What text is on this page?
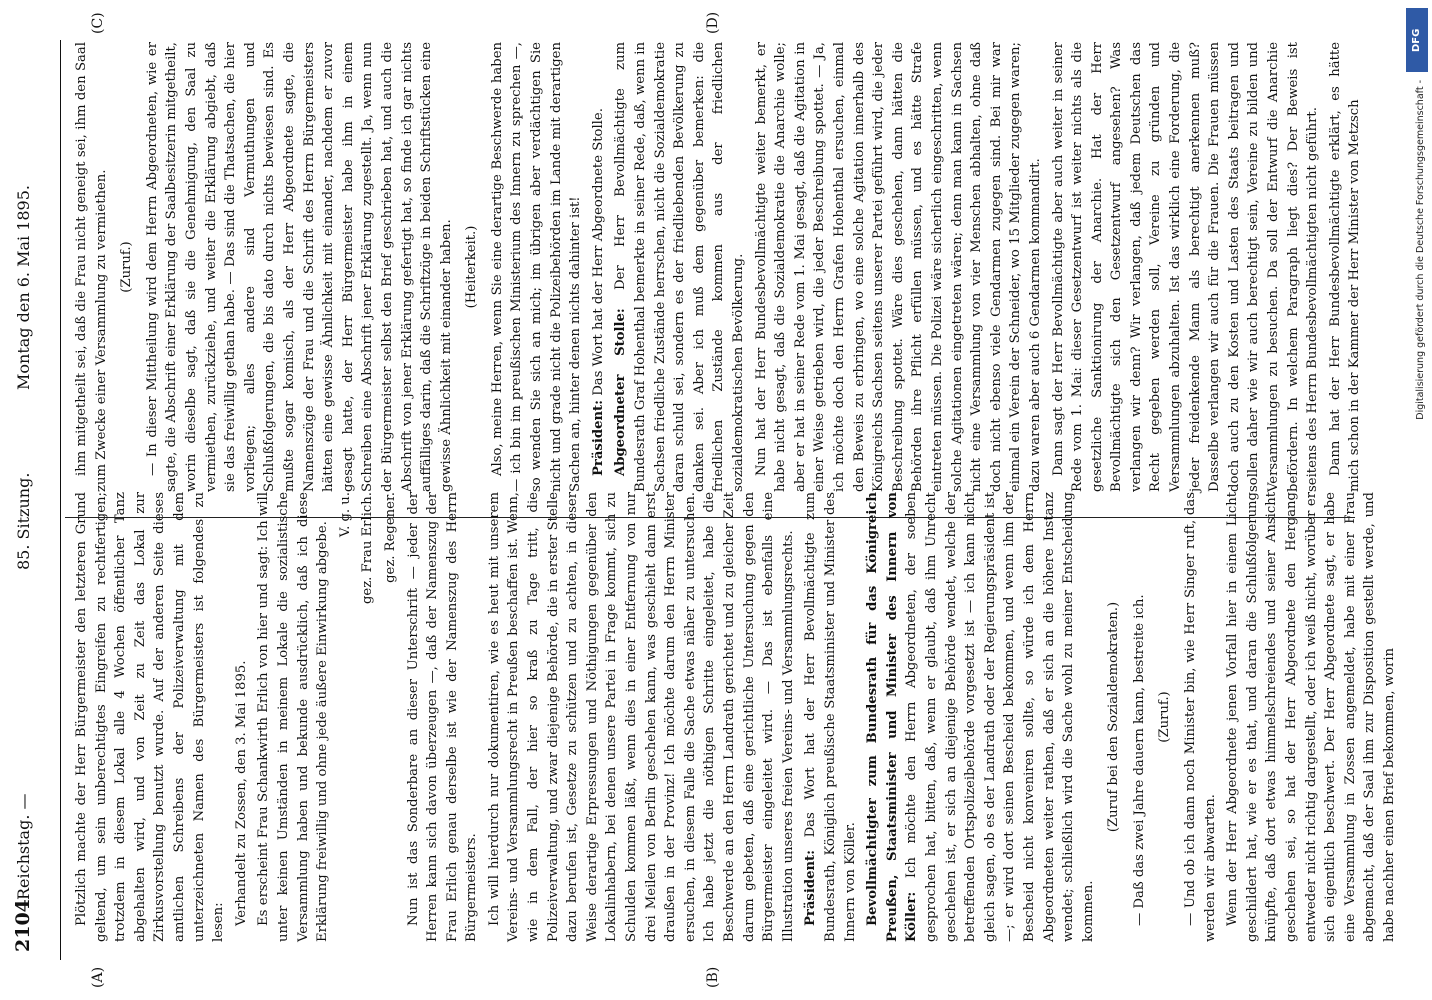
2104
Reichstag. —
85. Sitzung.
Montag den 6. Mai 1895.
(A)	(B)
(C)	(D)

Plötzlich machte der Herr Bürgermeister den letzteren Grund geltend, um sein unberechtigtes Eingreifen zu rechtfertigen; trotzdem in diesem Lokal alle 4 Wochen öffentlicher Tanz abgehalten wird, und von Zeit zu Zeit das Lokal zur Zirkusvorstellung benutzt wurde. Auf der anderen Seite dieses amtlichen Schreibens der Polizeiverwaltung mit dem unterzeichneten Namen des Bürgermeisters ist folgendes zu lesen: Verhandelt zu Zossen, den 3. Mai 1895. Es erscheint Frau Schankwirth Erlich von hier und sagt: Ich will unter keinen Umständen in meinem Lokale die sozialistische Versammlung haben und bekunde ausdrücklich, daß ich diese Erklärung freiwillig und ohne jede äußere Einwirkung abgebe.

V. g. u. gez. Frau Erlich. gez. Regener. Nun ist das Sonderbare an dieser Unterschrift — jeder der Herren kann sich davon überzeugen —, daß der Namenszug der Frau Erlich genau derselbe ist wie der Namenszug des Herrn Bürgermeisters. Ich will hierdurch nur dokumentiren, wie es heut mit unserem Vereins- und Versammlungsrecht in Preußen beschaffen ist. Wenn, wie in dem Fall, der hier so kraß zu Tage tritt, die Polizeiverwaltung, und zwar diejenige Behörde, die in erster Stelle dazu berufen ist, Gesetze zu schützen und zu achten, in dieser Weise derartige Erpressungen und Nöthigungen gegenüber den Lokalinhabern, bei denen unsere Partei in Frage kommt, sich zu Schulden kommen läßt, wenn dies in einer Entfernung von nur drei Meilen von Berlin geschehen kann, was geschieht dann erst draußen in der Provinz! Ich möchte darum den Herrn Minister ersuchen, in diesem Falle die Sache etwas näher zu untersuchen. Ich habe jetzt die nöthigen Schritte eingeleitet, habe die Beschwerde an den Herrn Landrath gerichtet und zu gleicher Zeit darum gebeten, daß eine gerichtliche Untersuchung gegen den Bürgermeister eingeleitet wird. — Das ist ebenfalls eine Illustration unseres freien Vereins- und Versammlungsrechts. Präsident: Das Wort hat der Herr Bevollmächtigte zum Bundesrath, Königlich preußische Staatsminister und Minister des Innern von Köller. Bevollmächtigter zum Bundesrath für das Königreich Preußen, Staatsminister und Minister des Innern von Köller: Ich möchte den Herrn Abgeordneten, der soeben gesprochen hat, bitten, daß, wenn er glaubt, daß ihm Unrecht geschehen ist, er sich an diejenige Behörde wendet, welche der betreffenden Ortspolizeibehörde vorgesetzt ist — ich kann nicht gleich sagen, ob es der Landrath oder der Regierungspräsident ist —; er wird dort seinen Bescheid bekommen, und wenn ihm der Bescheid nicht konveniren sollte, so würde ich dem Herrn Abgeordneten weiter rathen, daß er sich an die höhere Instanz wendet; schließlich wird die Sache wohl zu meiner Entscheidung kommen.

(Zuruf bei den Sozialdemokraten.) — Daß das zwei Jahre dauern kann, bestreite ich. (Zuruf.) — Und ob ich dann noch Minister bin, wie Herr Singer ruft, das werden wir abwarten. Wenn der Herr Abgeordnete jenen Vorfall hier in einem Licht geschildert hat, wie er es that, und daran die Schlußfolgerung knüpfte, daß dort etwas himmelschreiendes und seiner Ansicht geschehen sei, so hat der Herr Abgeordnete den Hergang entweder nicht richtig dargestellt, oder ich weiß nicht, worüber er sich eigentlich beschwert. Der Herr Abgeordnete sagt, er habe eine Versammlung in Zossen angemeldet, habe mit einer Frau abgemacht, daß der Saal ihm zur Disposition gestellt werde, und habe nachher einen Brief bekommen, worin

ihm mitgetheilt sei, daß die Frau nicht geneigt sei, ihm den Saal zum Zwecke einer Versammlung zu vermiethen. (Zuruf.) — In dieser Mittheilung wird dem Herrn Abgeordneten, wie er sagte, die Abschrift einer Erklärung der Saalbesitzerin mitgetheilt, worin dieselbe sagt, daß sie die Genehmigung, den Saal zu vermiethen, zurückziehe, und weiter die Erklärung abgiebt, daß sie das freiwillig gethan habe. — Das sind die Thatsachen, die hier vorliegen; alles andere sind Vermuthungen und Schlußfolgerungen, die bis dato durch nichts bewiesen sind. Es mußte sogar komisch, als der Herr Abgeordnete sagte, die Namenszüge der Frau und die Schrift des Herrn Bürgermeisters hätten eine gewisse Ähnlichkeit mit einander, nachdem er zuvor gesagt hatte, der Herr Bürgermeister habe ihm in einem Schreiben eine Abschrift jener Erklärung zugestellt. Ja, wenn nun der Bürgermeister selbst den Brief geschrieben hat, und auch die Abschrift von jener Erklärung gefertigt hat, so finde ich gar nichts auffälliges darin, daß die Schriftzüge in beiden Schriftstücken eine gewisse Ähnlichkeit mit einander haben. (Heiterkeit.) Also, meine Herren, wenn Sie eine derartige Beschwerde haben — ich bin im preußischen Ministerium des Innern zu sprechen —, so wenden Sie sich an mich; im übrigen aber verdächtigen Sie nicht und grade nicht die Polizeibehörden im Lande mit derartigen Sachen an, hinter denen nichts dahinter ist! Präsident: Das Wort hat der Herr Abgeordnete Stolle. Abgeordneter Stolle: Der Herr Bevollmächtigte zum Bundesrath Graf Hohenthal bemerkte in seiner Rede, daß, wenn in Sachsen friedliche Zustände herrschen, nicht die Sozialdemokratie daran schuld sei, sondern es der friedliebenden Bevölkerung zu danken sei. Aber ich muß dem gegenüber bemerken: die friedlichen Zustände kommen aus der friedlichen sozialdemokratischen Bevölkerung. Nun hat der Herr Bundesbevollmächtigte weiter bemerkt, er habe nicht gesagt, daß die Sozialdemokratie die Anarchie wolle; aber er hat in seiner Rede vom 1. Mai gesagt, daß die Agitation in einer Weise getrieben wird, die jeder Beschreibung spottet. — Ja, ich möchte doch den Herrn Grafen Hohenthal ersuchen, einmal den Beweis zu erbringen, wo eine solche Agitation innerhalb des Königreichs Sachsen seitens unserer Partei geführt wird, die jeder Beschreibung spottet. Wäre dies geschehen, dann hätten die Behörden ihre Pflicht erfüllen müssen, und es hätte Strafe eintreten müssen. Die Polizei wäre sicherlich eingeschritten, wenn solche Agitationen eingetreten wären; denn man kann in Sachsen nicht eine Versammlung von vier Menschen abhalten, ohne daß doch nicht ebenso viele Gendarmen zugegen sind. Bei mir war einmal ein Verein der Schneider, wo 15 Mitglieder zugegen waren; dazu waren aber auch 6 Gendarmen kommandirt. Dann sagt der Herr Bevollmächtigte aber auch weiter in seiner Rede vom 1. Mai: dieser Gesetzentwurf ist weiter nichts als die gesetzliche Sanktionirung der Anarchie. Hat der Herr Bevollmächtigte sich den Gesetzentwurf angesehen? Was verlangen wir denn? Wir verlangen, daß jedem Deutschen das Recht gegeben werden soll, Vereine zu gründen und Versammlungen abzuhalten. Ist das wirklich eine Forderung, die jeder freidenkende Mann als berechtigt anerkennen muß? Dasselbe verlangen wir auch für die Frauen. Die Frauen müssen doch auch zu den Kosten und Lasten des Staats beitragen und sollen daher wie wir auch berechtigt sein, Vereine zu bilden und Versammlungen zu besuchen. Da soll der Entwurf die Anarchie befördern. In welchem Paragraph liegt dies? Der Beweis ist seitens des Herrn Bundesbevollmächtigten nicht geführt. Dann hat der Herr Bundesbevollmächtigte erklärt, es hätte mich schon in der Kammer der Herr Minister von Metzsch

DFG
Digitalisierung gefördert durch die Deutsche Forschungsgemeinschaft -
